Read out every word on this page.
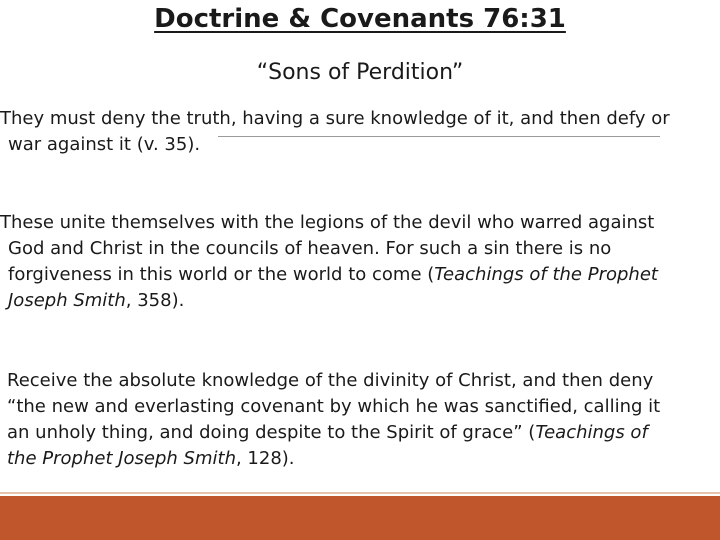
Doctrine & Covenants 76:31
“Sons of Perdition”
They must deny the truth, having a sure knowledge of it, and then defy or
war against it (v. 35).
These unite themselves with the legions of the devil who warred against
God and Christ in the councils of heaven. For such a sin there is no
forgiveness in this world or the world to come (Teachings of the Prophet
Joseph Smith, 358).
Receive the absolute knowledge of the divinity of Christ, and then deny
“the new and everlasting covenant by which he was sanctified, calling it
an unholy thing, and doing despite to the Spirit of grace” (Teachings of
the Prophet Joseph Smith, 128).
